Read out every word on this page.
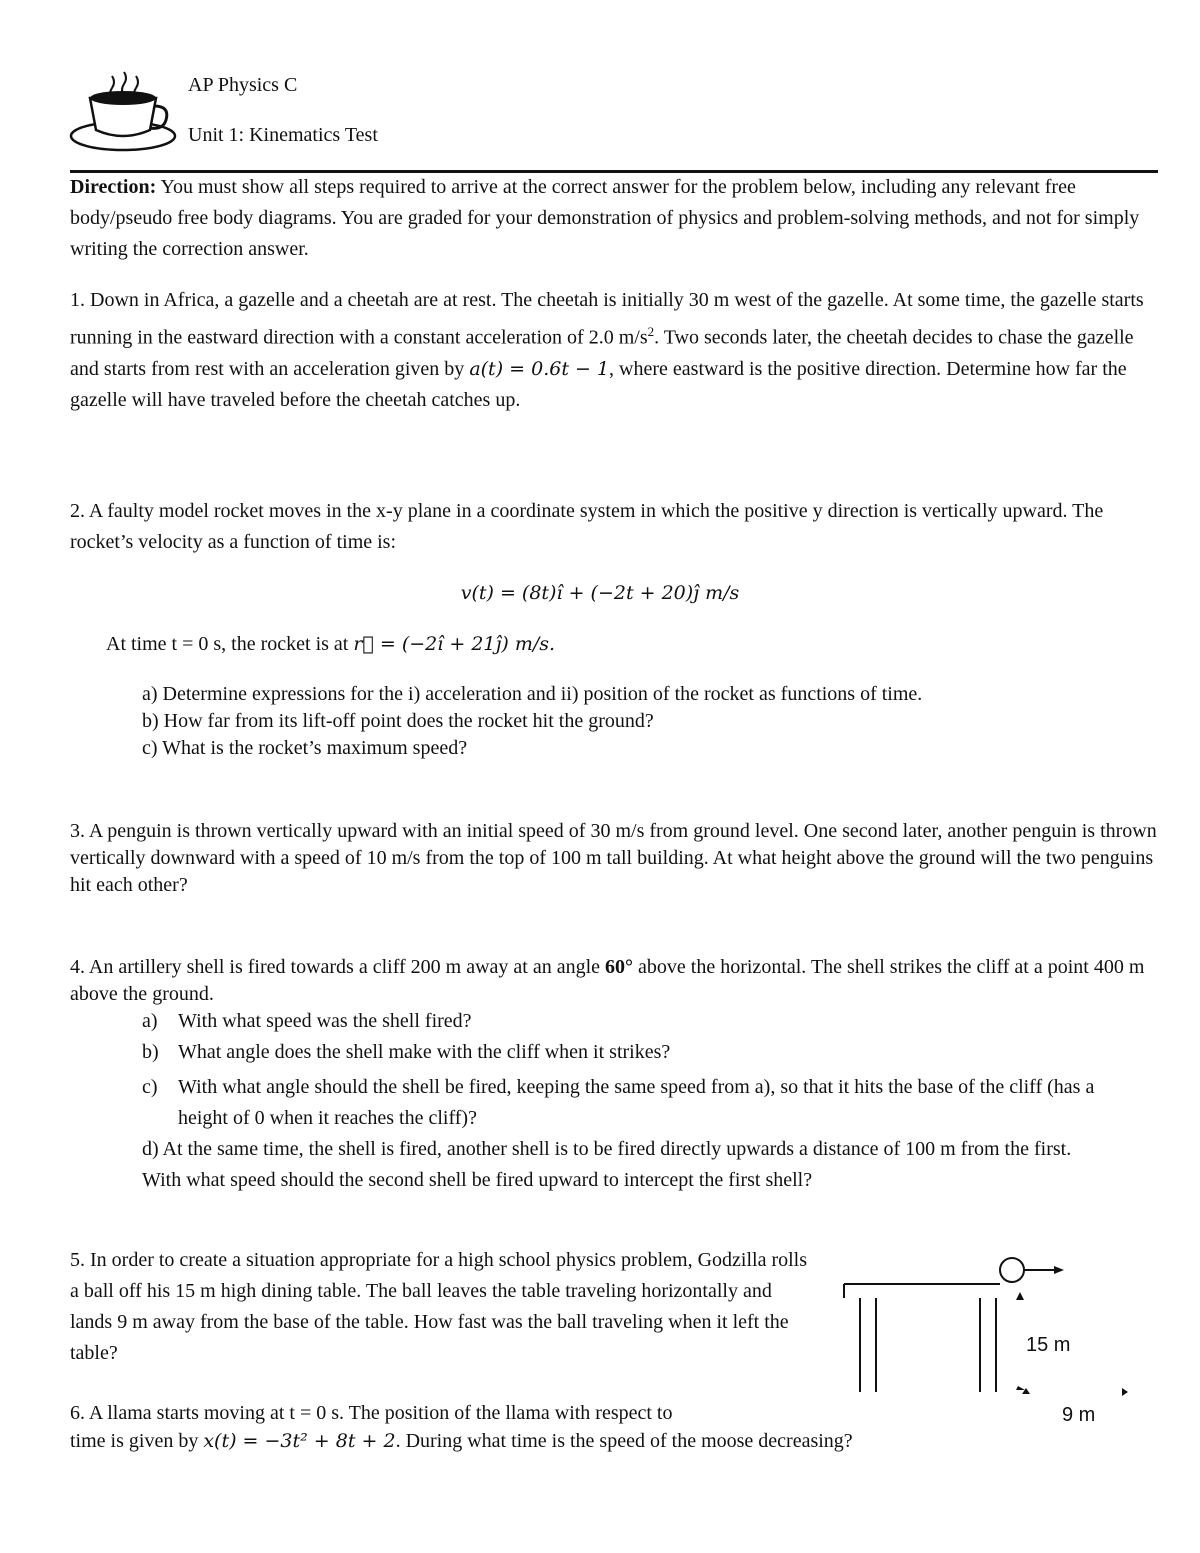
AP Physics C
Unit 1: Kinematics Test

Direction: You must show all steps required to arrive at the correct answer for the problem below, including any relevant free body/pseudo free body diagrams. You are graded for your demonstration of physics and problem-solving methods, and not for simply writing the correction answer.

1. Down in Africa, a gazelle and a cheetah are at rest. The cheetah is initially 30 m west of the gazelle. At some time, the gazelle starts running in the eastward direction with a constant acceleration of 2.0 $m/s^2$. Two seconds later, the cheetah decides to chase the gazelle and starts from rest with an acceleration given by a(t) = 0.6t − 1, where eastward is the positive direction. Determine how far the gazelle will have traveled before the cheetah catches up.

2. A faulty model rocket moves in the x-y plane in a coordinate system in which the positive y direction is vertically upward. The rocket’s velocity as a function of time is:

v(t) = (8t)î + (−2t + 20)ĵ m/s
At time t = 0 s, the rocket is at r⃗ = (−2î + 21ĵ) m/s.
a) Determine expressions for the i) acceleration and ii) position of the rocket as functions of time.
b) How far from its lift-off point does the rocket hit the ground?
c) What is the rocket’s maximum speed?

3. A penguin is thrown vertically upward with an initial speed of 30 m/s from ground level. One second later, another penguin is thrown vertically downward with a speed of 10 m/s from the top of 100 m tall building. At what height above the ground will the two penguins hit each other?

4. An artillery shell is fired towards a cliff 200 m away at an angle 60° above the horizontal. The shell strikes the cliff at a point 400 m above the ground.

a) With what speed was the shell fired?
b) What angle does the shell make with the cliff when it strikes?
c) With what angle should the shell be fired, keeping the same speed from a), so that it hits the base of the cliff (has a height of 0 when it reaches the cliff)?

d) At the same time, the shell is fired, another shell is to be fired directly upwards a distance of 100 m from the first. With what speed should the second shell be fired upward to intercept the first shell?

5. In order to create a situation appropriate for a high school physics problem, Godzilla rolls a ball off his 15 m high dining table. The ball leaves the table traveling horizontally and lands 9 m away from the base of the table. How fast was the ball traveling when it left the table?	15 m
9 m
6. A llama starts moving at t = 0 s. The position of the llama with respect to
time is given by x(t) = −3t² + 8t + 2. During what time is the speed of the moose decreasing?
